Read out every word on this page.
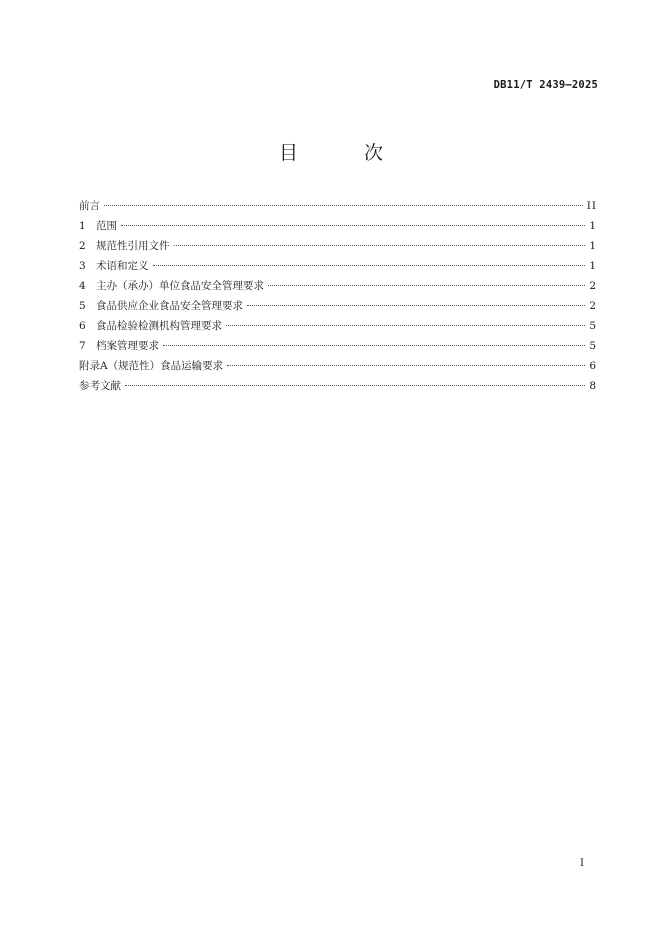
DB11/T 2439—2025
目 次
前言	II
1 范围	1
2 规范性引用文件	1
3 术语和定义	1
4 主办（承办）单位食品安全管理要求	2
5 食品供应企业食品安全管理要求	2
6 食品检验检测机构管理要求	5
7 档案管理要求	5
附录A（规范性）食品运输要求	6
参考文献	8
I
